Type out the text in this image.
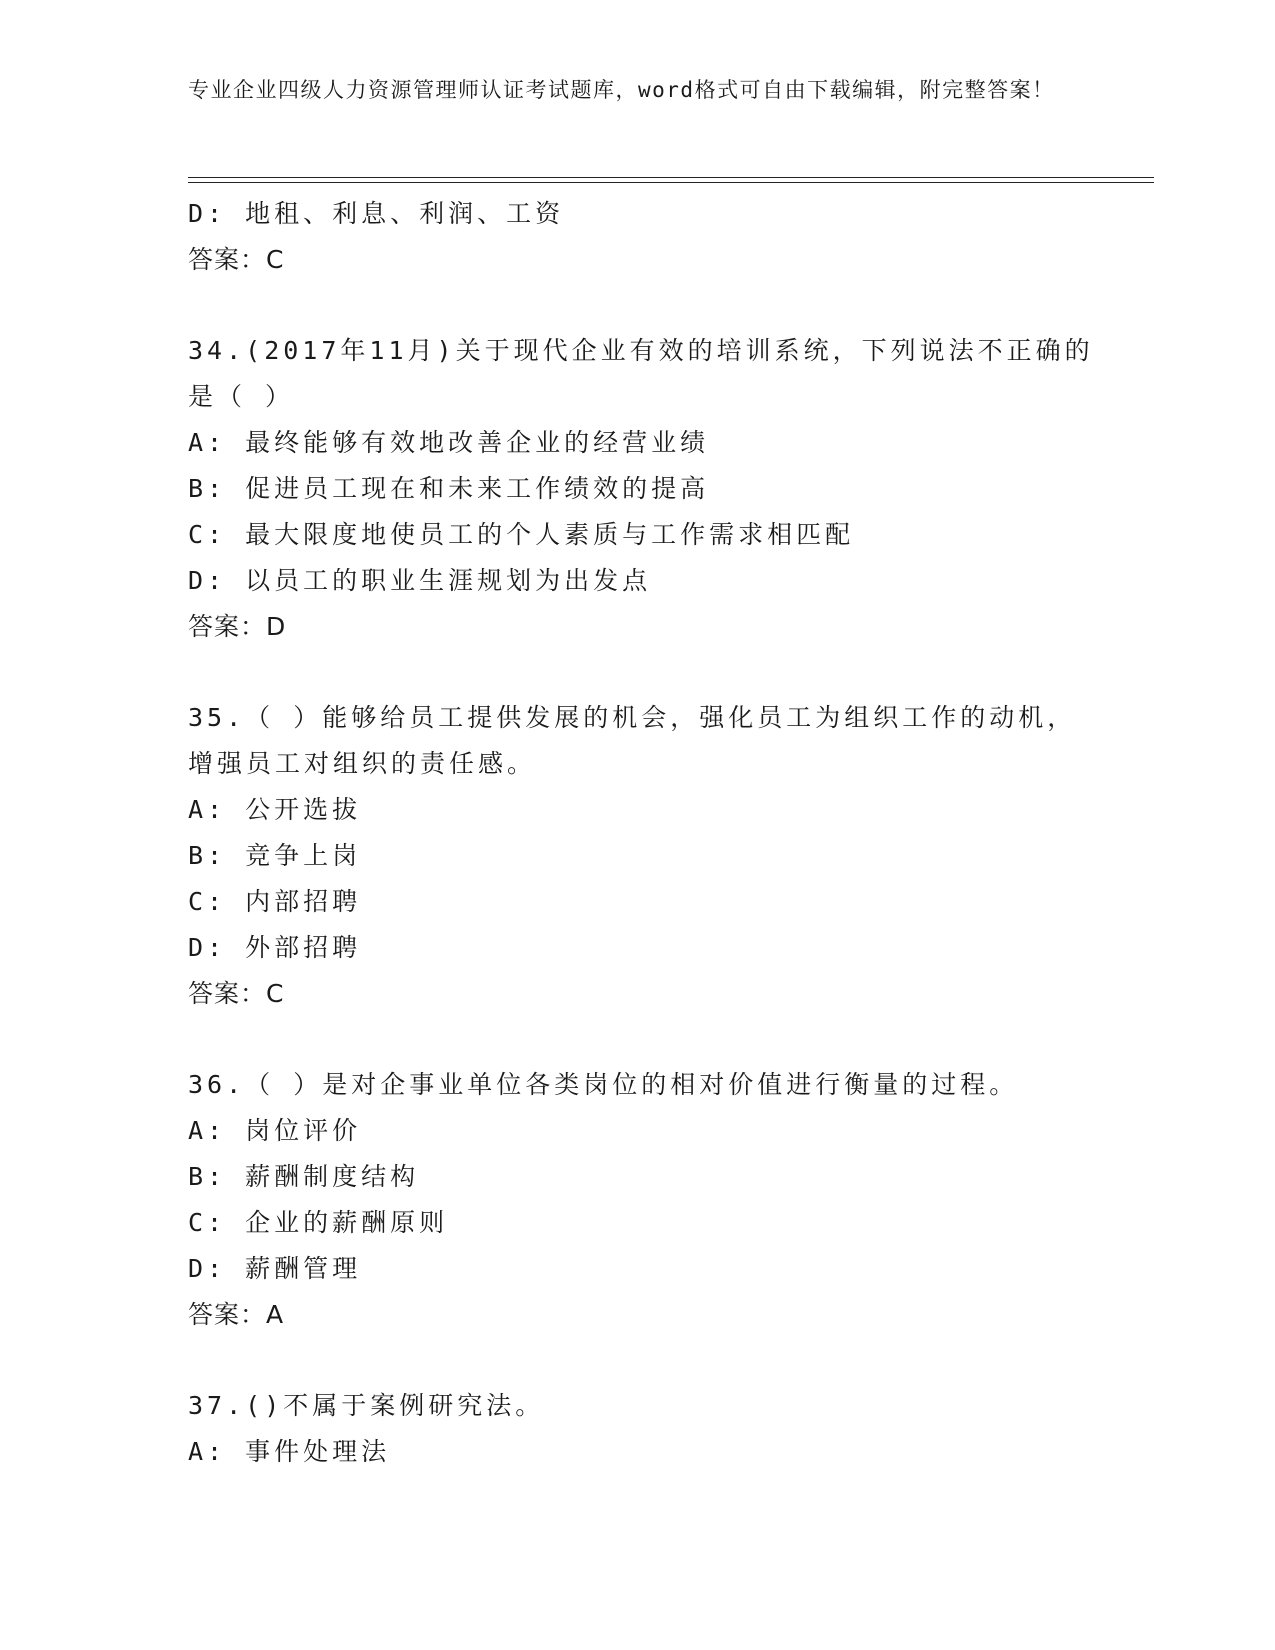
专业企业四级人力资源管理师认证考试题库，word格式可自由下载编辑，附完整答案！
D: 地租、利息、利润、工资
答案：C
34.(2017年11月)关于现代企业有效的培训系统，下列说法不正确的
是（ ）
A: 最终能够有效地改善企业的经营业绩
B: 促进员工现在和未来工作绩效的提高
C: 最大限度地使员工的个人素质与工作需求相匹配
D: 以员工的职业生涯规划为出发点
答案：D
35.（ ）能够给员工提供发展的机会，强化员工为组织工作的动机，
增强员工对组织的责任感。
A: 公开选拔
B: 竞争上岗
C: 内部招聘
D: 外部招聘
答案：C
36.（ ）是对企事业单位各类岗位的相对价值进行衡量的过程。
A: 岗位评价
B: 薪酬制度结构
C: 企业的薪酬原则
D: 薪酬管理
答案：A
37.()不属于案例研究法。
A: 事件处理法
